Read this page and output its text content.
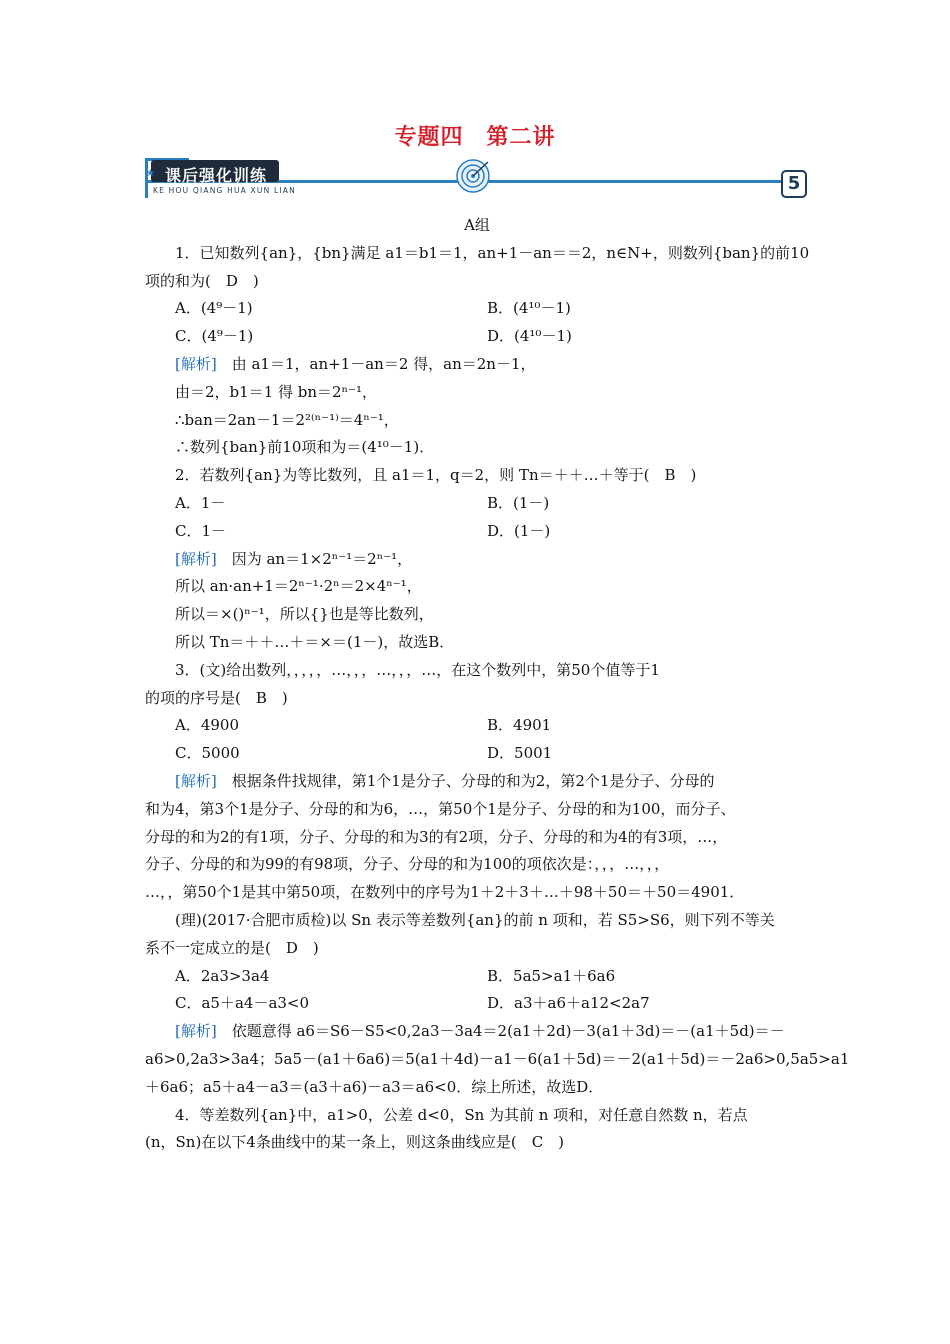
专题四　第二讲
课后强化训练
★
KE HOU QIANG HUA XUN LIAN	5
A组
1．已知数列{an}，{bn}满足 a1＝b1＝1，an+1－an＝＝2，n∈N+，则数列{ban}的前10
项的和为(　D　)
A．(4⁹－1)	B．(4¹⁰－1)
C．(4⁹－1)	D．(4¹⁰－1)
[解析]　由 a1＝1，an+1－an＝2 得，an＝2n－1，
由＝2，b1＝1 得 bn＝2ⁿ⁻¹，
∴ban＝2an－1＝2²⁽ⁿ⁻¹⁾＝4ⁿ⁻¹，
∴数列{ban}前10项和为＝(4¹⁰－1)．
2．若数列{an}为等比数列，且 a1＝1，q＝2，则 Tn＝＋＋…＋等于(　B　)
A．1－	B．(1－)
C．1－	D．(1－)
[解析]　因为 an＝1×2ⁿ⁻¹＝2ⁿ⁻¹，
所以 an·an+1＝2ⁿ⁻¹·2ⁿ＝2×4ⁿ⁻¹，
所以＝×()ⁿ⁻¹，所以{}也是等比数列，
所以 Tn＝＋＋…＋＝×＝(1－)，故选B．
3．(文)给出数列，，，，，…，，，…，，，…，在这个数列中，第50个值等于1
的项的序号是(　B　)
A．4900	B．4901
C．5000	D．5001
[解析]　根据条件找规律，第1个1是分子、分母的和为2，第2个1是分子、分母的
和为4，第3个1是分子、分母的和为6，…，第50个1是分子、分母的和为100，而分子、
分母的和为2的有1项，分子、分母的和为3的有2项，分子、分母的和为4的有3项，…，
分子、分母的和为99的有98项，分子、分母的和为100的项依次是：，，，…，，，
…，，第50个1是其中第50项，在数列中的序号为1＋2＋3＋…＋98＋50＝＋50＝4901．
(理)(2017·合肥市质检)以 Sn 表示等差数列{an}的前 n 项和，若 S5>S6，则下列不等关
系不一定成立的是(　D　)
A．2a3>3a4	B．5a5>a1＋6a6
C．a5＋a4－a3<0	D．a3＋a6＋a12<2a7
[解析]　依题意得 a6＝S6－S5<0,2a3－3a4＝2(a1＋2d)－3(a1＋3d)＝－(a1＋5d)＝－
a6>0,2a3>3a4；5a5－(a1＋6a6)＝5(a1＋4d)－a1－6(a1＋5d)＝－2(a1＋5d)＝－2a6>0,5a5>a1
＋6a6；a5＋a4－a3＝(a3＋a6)－a3＝a6<0．综上所述，故选D．
4．等差数列{an}中，a1>0，公差 d<0，Sn 为其前 n 项和，对任意自然数 n，若点
(n，Sn)在以下4条曲线中的某一条上，则这条曲线应是(　C　)
